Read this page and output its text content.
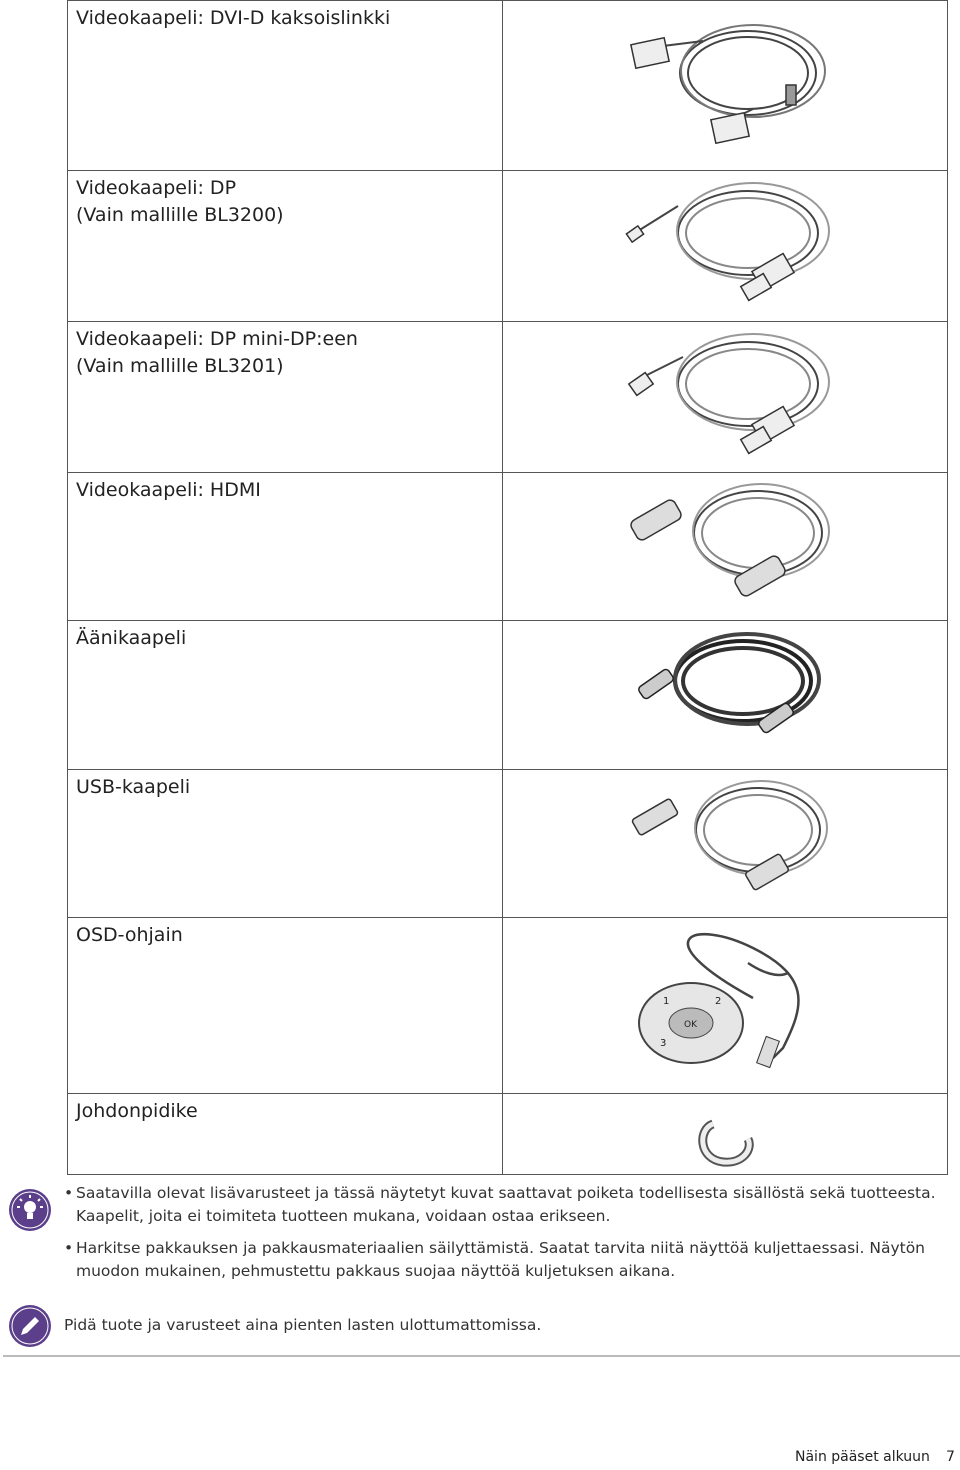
Videokaapeli: DVI-D kaksoislinkki
Videokaapeli: DP
(Vain mallille BL3200)
Videokaapeli: DP mini-DP:een
(Vain mallille BL3201)
Videokaapeli: HDMI
Äänikaapeli
USB-kaapeli
OSD-ohjain
OK
1	2
3
Johdonpidike
• Saatavilla olevat lisävarusteet ja tässä näytetyt kuvat saattavat poiketa todellisesta sisällöstä sekä tuotteesta. Kaapelit, joita ei toimiteta tuotteen mukana, voidaan ostaa erikseen.
• Harkitse pakkauksen ja pakkausmateriaalien säilyttämistä. Saatat tarvita niitä näyttöä kuljettaessasi. Näytön muodon mukainen, pehmustettu pakkaus suojaa näyttöä kuljetuksen aikana.
Pidä tuote ja varusteet aina pienten lasten ulottumattomissa.
Näin pääset alkuun 7
